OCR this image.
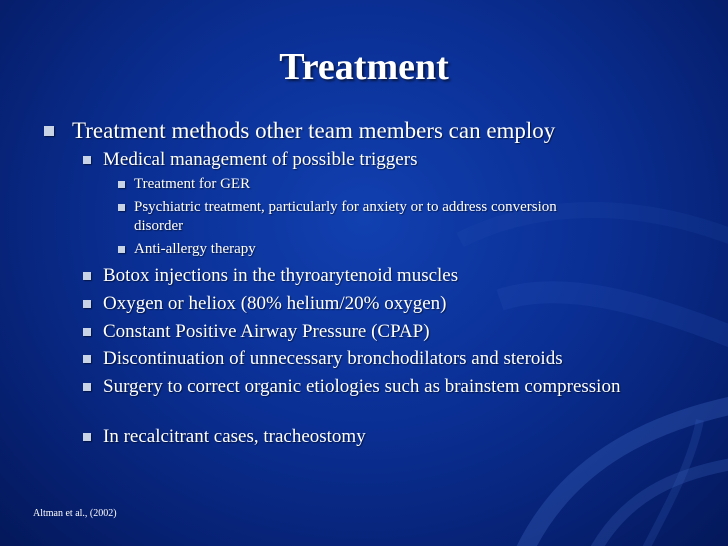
Treatment
Treatment methods other team members can employ
Medical management of possible triggers
Treatment for GER
Psychiatric treatment, particularly for anxiety or to address conversion disorder
Anti-allergy therapy
Botox injections in the thyroarytenoid muscles
Oxygen or heliox (80% helium/20% oxygen)
Constant Positive Airway Pressure (CPAP)
Discontinuation of unnecessary bronchodilators and steroids
Surgery to correct organic etiologies such as brainstem compression
In recalcitrant cases, tracheostomy
Altman et al., (2002)
